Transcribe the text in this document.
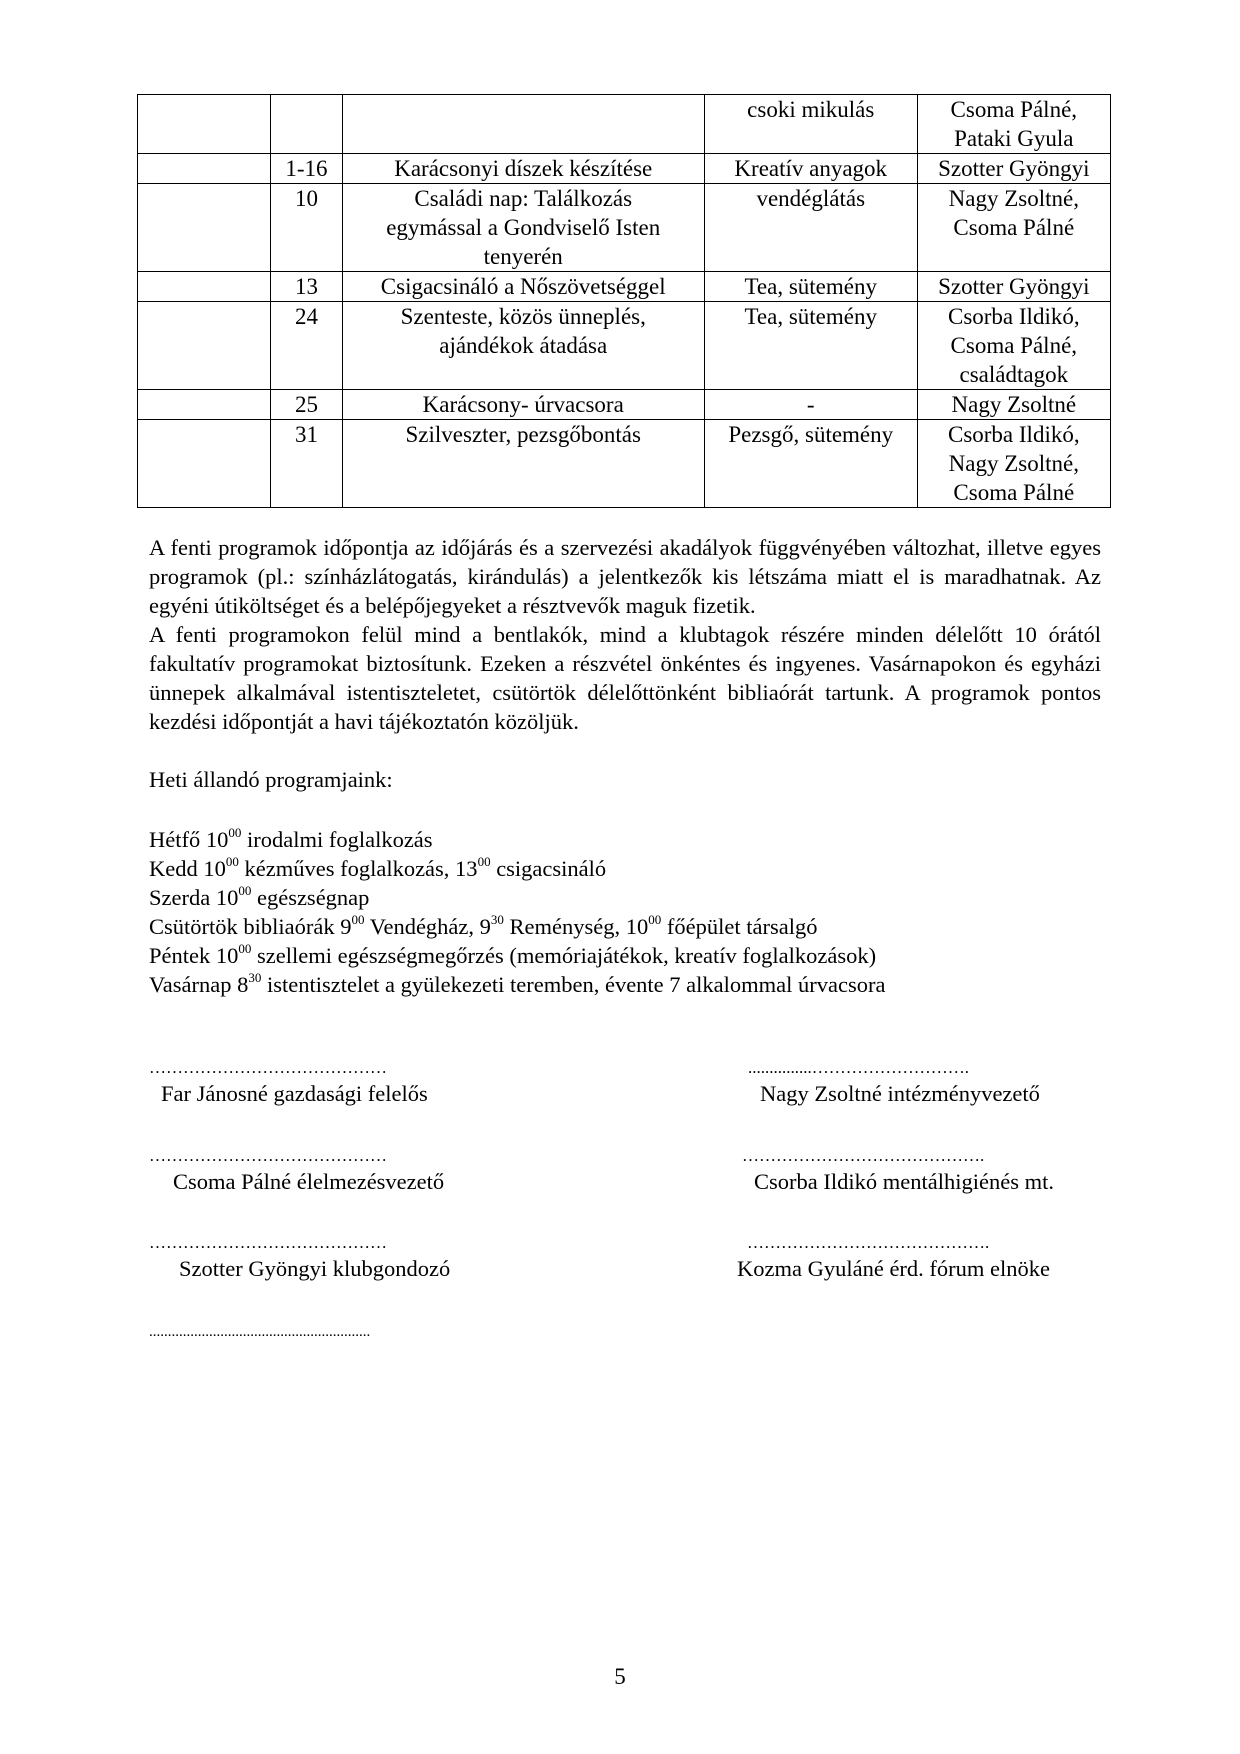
			csoki mikulás	Csoma Pálné,
Pataki Gyula
	1-16	Karácsonyi díszek készítése	Kreatív anyagok	Szotter Gyöngyi
	10	Családi nap: Találkozás
egymással a Gondviselő Isten
tenyerén	vendéglátás	Nagy Zsoltné,
Csoma Pálné
	13	Csigacsináló a Nőszövetséggel	Tea, sütemény	Szotter Gyöngyi
	24	Szenteste, közös ünneplés,
ajándékok átadása	Tea, sütemény	Csorba Ildikó,
Csoma Pálné,
családtagok
	25	Karácsony- úrvacsora	-	Nagy Zsoltné
	31	Szilveszter, pezsgőbontás	Pezsgő, sütemény	Csorba Ildikó,
Nagy Zsoltné,
Csoma Pálné

A fenti programok időpontja az időjárás és a szervezési akadályok függvényében változhat, illetve egyes programok (pl.: színházlátogatás, kirándulás) a jelentkezők kis létszáma miatt el is maradhatnak. Az egyéni útiköltséget és a belépőjegyeket a résztvevők maguk fizetik.

A fenti programokon felül mind a bentlakók, mind a klubtagok részére minden délelőtt 10 órától fakultatív programokat biztosítunk. Ezeken a részvétel önkéntes és ingyenes. Vasárnapokon és egyházi ünnepek alkalmával istentiszteletet, csütörtök délelőttönként bibliaórát tartunk. A programok pontos kezdési időpontját a havi tájékoztatón közöljük.

Heti állandó programjaink:

Hétfő $10^{00}$ irodalmi foglalkozás
Kedd $10^{00}$ kézműves foglalkozás, $13^{00}$ csigacsináló
Szerda $10^{00}$ egészségnap
Csütörtök bibliaórák $9^{00}$ Vendégház, $9^{30}$ Reménység, $10^{00}$ főépület társalgó
Péntek $10^{00}$ szellemi egészségmegőrzés (memóriajátékok, kreatív foglalkozások)
Vasárnap $8^{30}$ istentisztelet a gyülekezeti teremben, évente 7 alkalommal úrvacsora
……………………………………
Far Jánosné gazdasági felelős
...............……………………….
Nagy Zsoltné intézményvezető
……………………………………
Csoma Pálné élelmezésvezető
…………………………………….
Csorba Ildikó mentálhigiénés mt.
……………………………………
Szotter Gyöngyi klubgondozó
…………………………………….
Kozma Gyuláné érd. fórum elnöke
...........................................................
5
